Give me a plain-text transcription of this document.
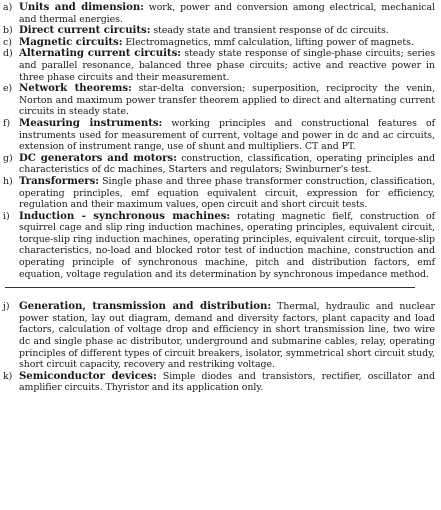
a) Units and dimension: work, power and conversion among electrical, mechanical and thermal energies.
b) Direct current circuits: steady state and transient response of dc circuits.
c) Magnetic circuits: Electromagnetics, mmf calculation, lifting power of magnets.
d) Alternating current circuits: steady state response of single-phase circuits; series and parallel resonance, balanced three phase circuits; active and reactive power in three phase circuits and their measurement.
e) Network theorems: star-delta conversion; superposition, reciprocity the venin, Norton and maximum power transfer theorem applied to direct and alternating current circuits in steady state.
f) Measuring instruments: working principles and constructional features of instruments used for measurement of current, voltage and power in dc and ac circuits, extension of instrument range, use of shunt and multipliers. CT and PT.
g) DC generators and motors: construction, classification, operating principles and characteristics of dc machines, Starters and regulators; Swinburner's test.
h) Transformers: Single phase and three phase transformer construction, classification, operating principles, emf equation equivalent circuit, expression for efficiency, regulation and their maximum values, open circuit and short circuit tests.
i) Induction - synchronous machines: rotating magnetic fielf, construction of squirrel cage and slip ring induction machines, operating principles, equivalent circuit, torque-slip ring induction machines, operating principles, equivalent circuit, torque-slip characteristics, no-load and blocked rotor test of induction machine, construction and operating principle of synchronous machine, pitch and distribution factors, emf equation, voltage regulation and its determination by synchronous impedance method.
j) Generation, transmission and distribution: Thermal, hydraulic and nuclear power station, lay out diagram, demand and diversity factors, plant capacity and load factors, calculation of voltage drop and efficiency in short transmission line, two wire dc and single phase ac distributor, underground and submarine cables, relay, operating principles of different types of circuit breakers, isolator, symmetrical short circuit study, short circuit capacity, recovery and restriking voltage.
k) Semiconductor devices: Simple diodes and transistors, rectifier, oscillator and amplifier circuits. Thyristor and its application only.
